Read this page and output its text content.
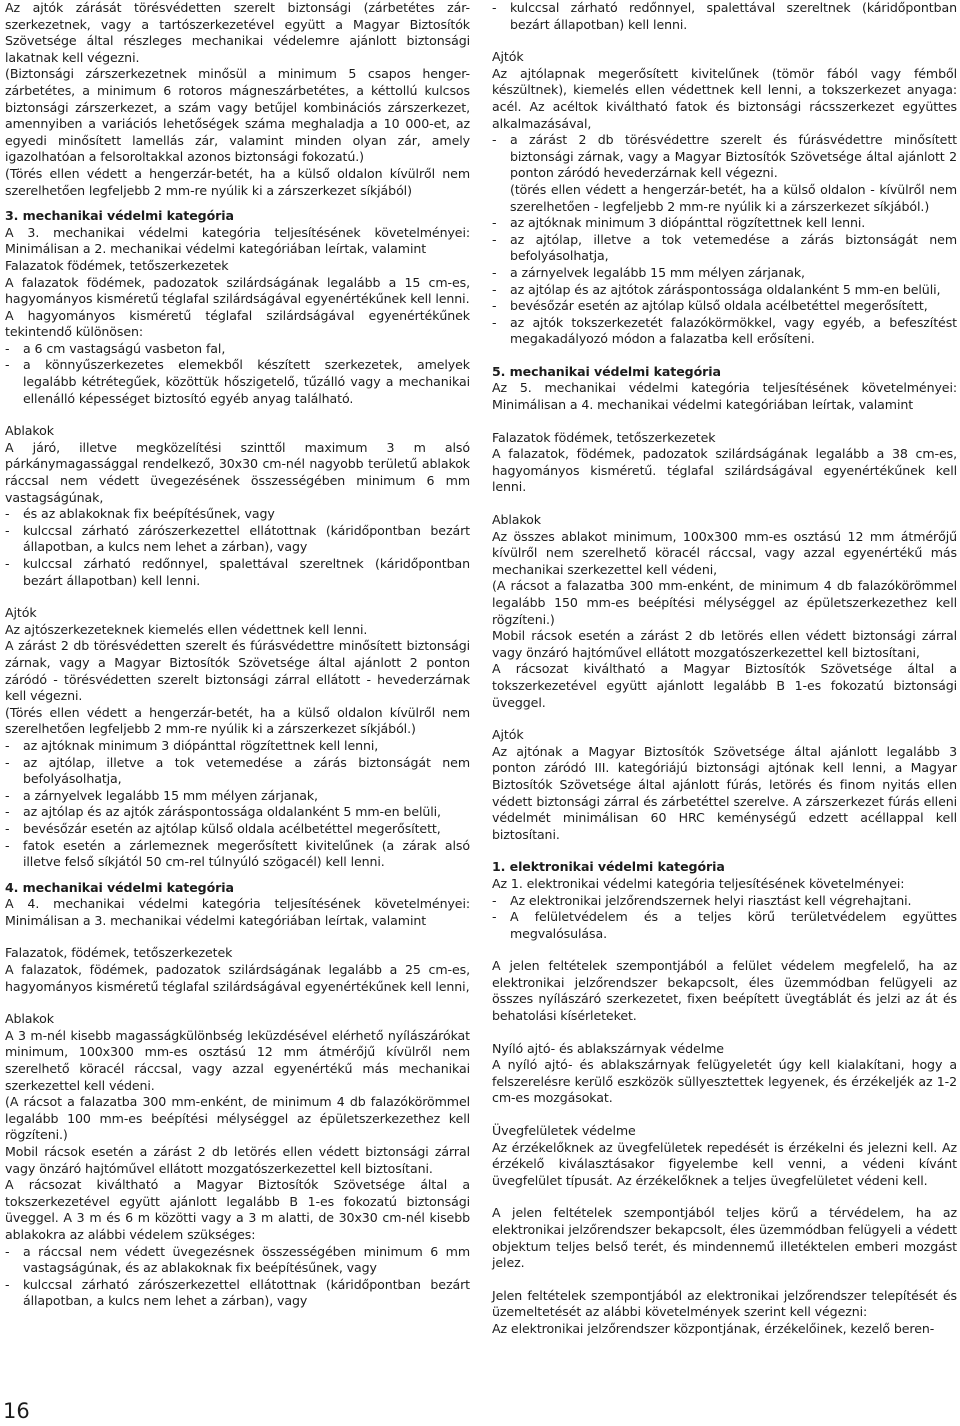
Az ajtók zárását törésvédetten szerelt biztonsági (zárbetétes zár-szerkezetnek, vagy a tartószerkezetével együtt a Magyar Biztosítók Szövetsége által részleges mechanikai védelemre ajánlott biztonsági lakatnak kell végezni.

(Biztonsági zárszerkezetnek minősül a minimum 5 csapos henger-zárbetétes, a minimum 6 rotoros mágneszárbetétes, a kéttollú kulcsos biztonsági zárszerkezet, a szám vagy betűjel kombinációs zárszerkezet, amennyiben a variációs lehetőségek száma meghaladja a 10 000-et, az egyedi minősített lamellás zár, valamint minden olyan zár, amely igazolhatóan a felsoroltakkal azonos biztonsági fokozatú.)

(Törés ellen védett a hengerzár-betét, ha a külső oldalon kívülről nem szerelhetően legfeljebb 2 mm-re nyúlik ki a zárszerkezet síkjából)

3. mechanikai védelmi kategória

A 3. mechanikai védelmi kategória teljesítésének követelményei: Minimálisan a 2. mechanikai védelmi kategóriában leírtak, valamint

Falazatok födémek, tetőszerkezetek

A falazatok födémek, padozatok szilárdságának legalább a 15 cm-es, hagyományos kisméretű téglafal szilárdságával egyenértékűnek kell lenni.

A hagyományos kisméretű téglafal szilárdságával egyenértékűnek tekintendő különösen:

-	a 6 cm vastagságú vasbeton fal,
-	a könnyűszerkezetes elemekből készített szerkezetek, amelyek legalább kétrétegűek, közöttük hőszigetelő, tűzálló vagy a mechanikai ellenálló képességet biztosító egyéb anyag található.

Ablakok

A járó, illetve megközelítési szinttől maximum 3 m alsó párkánymagassággal rendelkező, 30x30 cm-nél nagyobb területű ablakok ráccsal nem védett üvegezésének összességében minimum 6 mm vastagságúnak,

-	és az ablakoknak fix beépítésűnek, vagy
-	kulccsal zárható zárószerkezettel ellátottnak (káridőpontban bezárt állapotban, a kulcs nem lehet a zárban), vagy
-	kulccsal zárható redőnnyel, spalettával szereltnek (káridőpontban bezárt állapotban) kell lenni.

Ajtók

Az ajtószerkezeteknek kiemelés ellen védettnek kell lenni.

A zárást 2 db törésvédetten szerelt és fúrásvédettre minősített biztonsági zárnak, vagy a Magyar Biztosítók Szövetsége által ajánlott 2 ponton záródó - törésvédetten szerelt biztonsági zárral ellátott - hevederzárnak kell végezni.

(Törés ellen védett a hengerzár-betét, ha a külső oldalon kívülről nem szerelhetően legfeljebb 2 mm-re nyúlik ki a zárszerkezet síkjából.)

-	az ajtóknak minimum 3 diópánttal rögzítettnek kell lenni,
-	az ajtólap, illetve a tok vetemedése a zárás biztonságát nem befolyásolhatja,
-	a zárnyelvek legalább 15 mm mélyen zárjanak,
-	az ajtólap és az ajtók záráspontossága oldalanként 5 mm-en belüli,
-	bevésőzár esetén az ajtólap külső oldala acélbetéttel megerősített,
-	fatok esetén a zárlemeznek megerősített kivitelűnek (a zárak alsó illetve felső síkjától 50 cm-rel túlnyúló szögacél) kell lenni.

4. mechanikai védelmi kategória

A 4. mechanikai védelmi kategória teljesítésének követelményei: Minimálisan a 3. mechanikai védelmi kategóriában leírtak, valamint

Falazatok, födémek, tetőszerkezetek

A falazatok, födémek, padozatok szilárdságának legalább a 25 cm-es, hagyományos kisméretű téglafal szilárdságával egyenértékűnek kell lenni,

Ablakok

A 3 m-nél kisebb magasságkülönbség leküzdésével elérhető nyílászárókat minimum, 100x300 mm-es osztású 12 mm átmérőjű kívülről nem szerelhető köracél ráccsal, vagy azzal egyenértékű más mechanikai szerkezettel kell védeni.

(A rácsot a falazatba 300 mm-enként, de minimum 4 db falazókörömmel legalább 100 mm-es beépítési mélységgel az épületszerkezethez kell rögzíteni.)

Mobil rácsok esetén a zárást 2 db letörés ellen védett biztonsági zárral vagy önzáró hajtóművel ellátott mozgatószerkezettel kell biztosítani.

A rácsozat kiváltható a Magyar Biztosítók Szövetsége által a tokszerkezetével együtt ajánlott legalább B 1-es fokozatú biztonsági üveggel. A 3 m és 6 m közötti vagy a 3 m alatti, de 30x30 cm-nél kisebb ablakokra az alábbi védelem szükséges:

-	a ráccsal nem védett üvegezésnek összességében minimum 6 mm vastagságúnak, és az ablakoknak fix beépítésűnek, vagy
-	kulccsal zárható zárószerkezettel ellátottnak (káridőpontban bezárt állapotban, a kulcs nem lehet a zárban), vagy
-	kulccsal zárható redőnnyel, spalettával szereltnek (káridőpontban bezárt állapotban) kell lenni.

Ajtók

Az ajtólapnak megerősített kivitelűnek (tömör fából vagy fémből készültnek), kiemelés ellen védettnek kell lenni, a tokszerkezet anyaga: acél. Az acéltok kiváltható fatok és biztonsági rácsszerkezet együttes alkalmazásával,

-	a zárást 2 db törésvédettre szerelt és fúrásvédettre minősített biztonsági zárnak, vagy a Magyar Biztosítók Szövetsége által ajánlott 2 ponton záródó hevederzárnak kell végezni.

(törés ellen védett a hengerzár-betét, ha a külső oldalon - kívülről nem szerelhetően - legfeljebb 2 mm-re nyúlik ki a zárszerkezet síkjából.)

-	az ajtóknak minimum 3 diópánttal rögzítettnek kell lenni.
-	az ajtólap, illetve a tok vetemedése a zárás biztonságát nem befolyásolhatja,
-	a zárnyelvek legalább 15 mm mélyen zárjanak,
-	az ajtólap és az ajtótok záráspontossága oldalanként 5 mm-en belüli,
-	bevésőzár esetén az ajtólap külső oldala acélbetéttel megerősített,
-	az ajtók tokszerkezetét falazókörmökkel, vagy egyéb, a befeszítést megakadályozó módon a falazatba kell erősíteni.

5. mechanikai védelmi kategória

Az 5. mechanikai védelmi kategória teljesítésének követelményei: Minimálisan a 4. mechanikai védelmi kategóriában leírtak, valamint

Falazatok födémek, tetőszerkezetek

A falazatok, födémek, padozatok szilárdságának legalább a 38 cm-es, hagyományos kisméretű. téglafal szilárdságával egyenértékűnek kell lenni.

Ablakok

Az összes ablakot minimum, 100x300 mm-es osztású 12 mm átmérőjű kívülről nem szerelhető köracél ráccsal, vagy azzal egyenértékű más mechanikai szerkezettel kell védeni,

(A rácsot a falazatba 300 mm-enként, de minimum 4 db falazókörömmel legalább 150 mm-es beépítési mélységgel az épületszerkezethez kell rögzíteni.)

Mobil rácsok esetén a zárást 2 db letörés ellen védett biztonsági zárral vagy önzáró hajtóművel ellátott mozgatószerkezettel kell biztosítani,

A rácsozat kiváltható a Magyar Biztosítók Szövetsége által a tokszerkezetével együtt ajánlott legalább B 1-es fokozatú biztonsági üveggel.

Ajtók

Az ajtónak a Magyar Biztosítók Szövetsége által ajánlott legalább 3 ponton záródó III. kategóriájú biztonsági ajtónak kell lenni, a Magyar Biztosítók Szövetsége által ajánlott fúrás, letörés és finom nyitás ellen védett biztonsági zárral és zárbetéttel szerelve. A zárszerkezet fúrás elleni védelmét minimálisan 60 HRC keménységű edzett acéllappal kell biztosítani.

1. elektronikai védelmi kategória

Az 1. elektronikai védelmi kategória teljesítésének követelményei:

-	Az elektronikai jelzőrendszernek helyi riasztást kell végrehajtani.
-	A felületvédelem és a teljes körű területvédelem együttes megvalósulása.

A jelen feltételek szempontjából a felület védelem megfelelő, ha az elektronikai jelzőrendszer bekapcsolt, éles üzemmódban felügyeli az összes nyílászáró szerkezetet, fixen beépített üvegtáblát és jelzi az át és behatolási kísérleteket.

Nyíló ajtó- és ablakszárnyak védelme

A nyíló ajtó- és ablakszárnyak felügyeletét úgy kell kialakítani, hogy a felszerelésre kerülő eszközök süllyesztettek legyenek, és érzékeljék az 1-2 cm-es mozgásokat.

Üvegfelületek védelme

Az érzékelőknek az üvegfelületek repedését is érzékelni és jelezni kell. Az érzékelő kiválasztásakor figyelembe kell venni, a védeni kívánt üvegfelület típusát. Az érzékelőknek a teljes üvegfelületet védeni kell.

A jelen feltételek szempontjából teljes körű a térvédelem, ha az elektronikai jelzőrendszer bekapcsolt, éles üzemmódban felügyeli a védett objektum teljes belső terét, és mindennemű illetéktelen emberi mozgást jelez.

Jelen feltételek szempontjából az elektronikai jelzőrendszer telepítését és üzemeltetését az alábbi követelmények szerint kell végezni:

Az elektronikai jelzőrendszer központjának, érzékelőinek, kezelő beren-

16
